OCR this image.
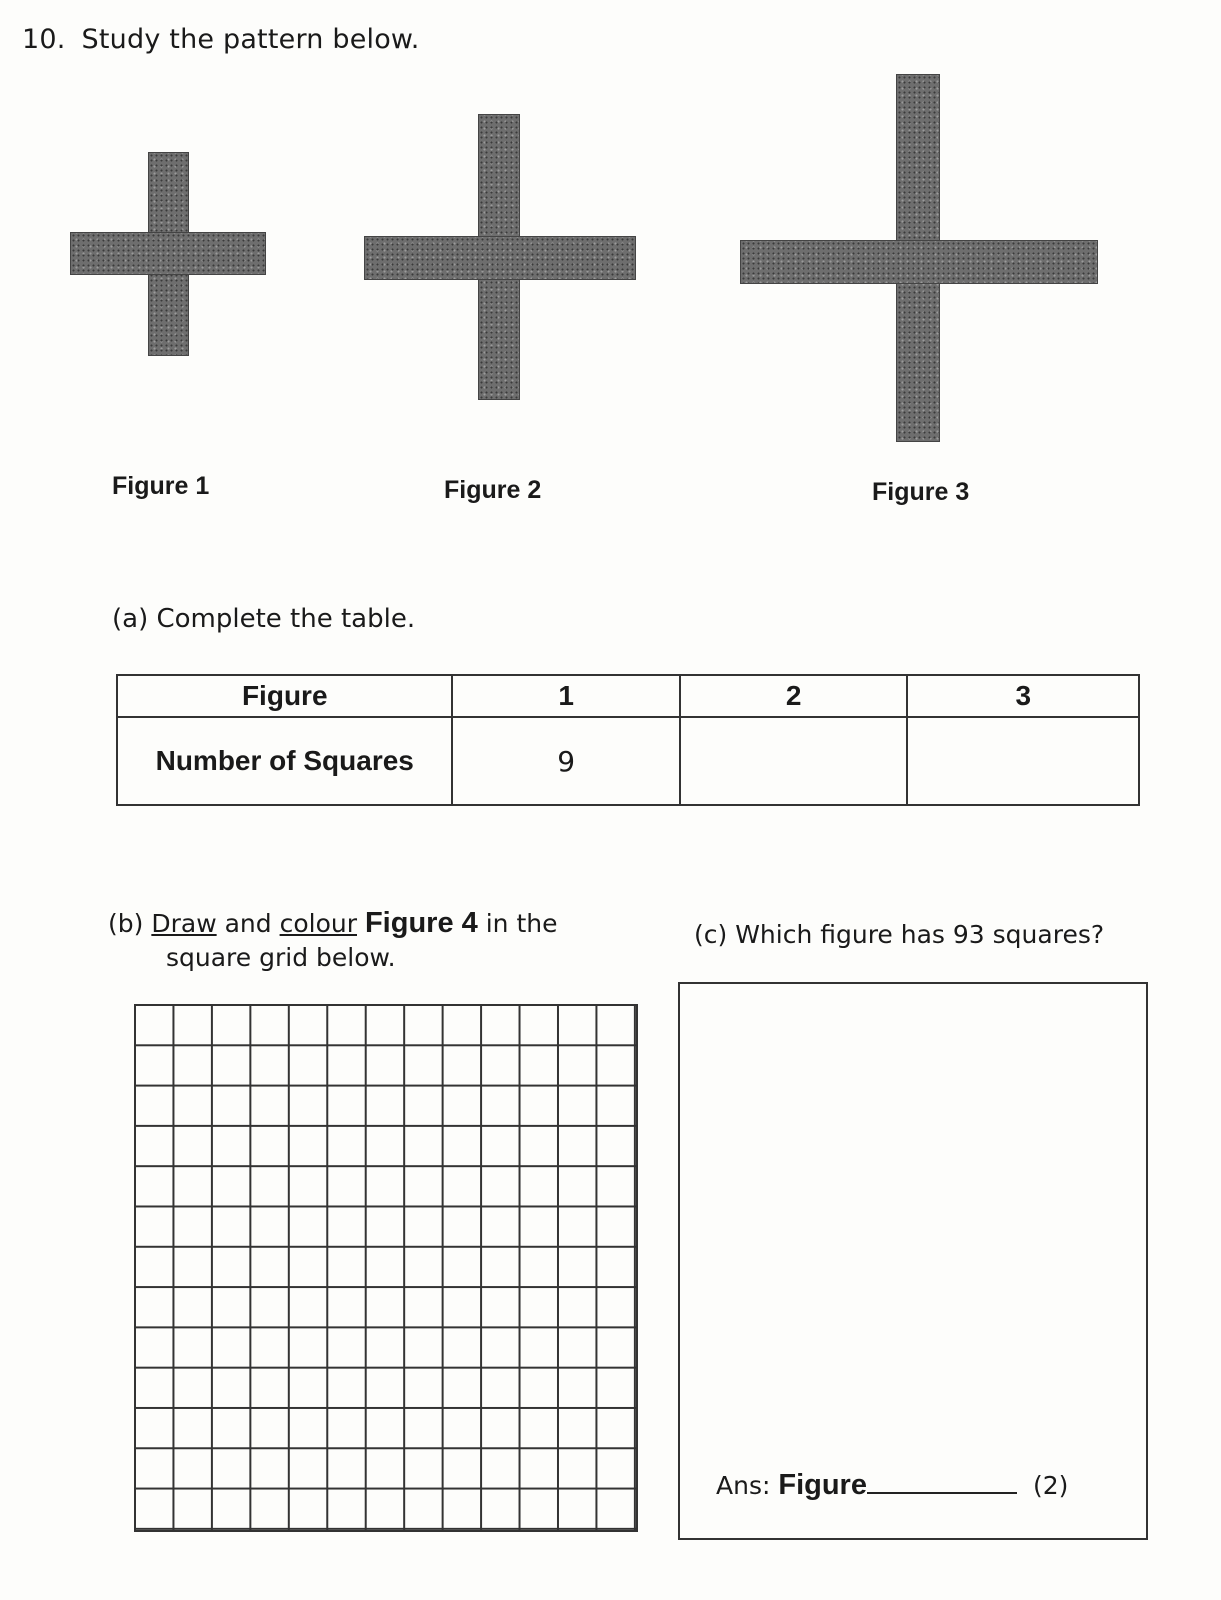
10. Study the pattern below.
Figure 1	Figure 2	Figure 3
(a) Complete the table.
Figure	1	2	3
Number of Squares	9		
(b) Draw and colour Figure 4 in the
square grid below.
(c) Which figure has 93 squares?
Ans: Figure	(2)
